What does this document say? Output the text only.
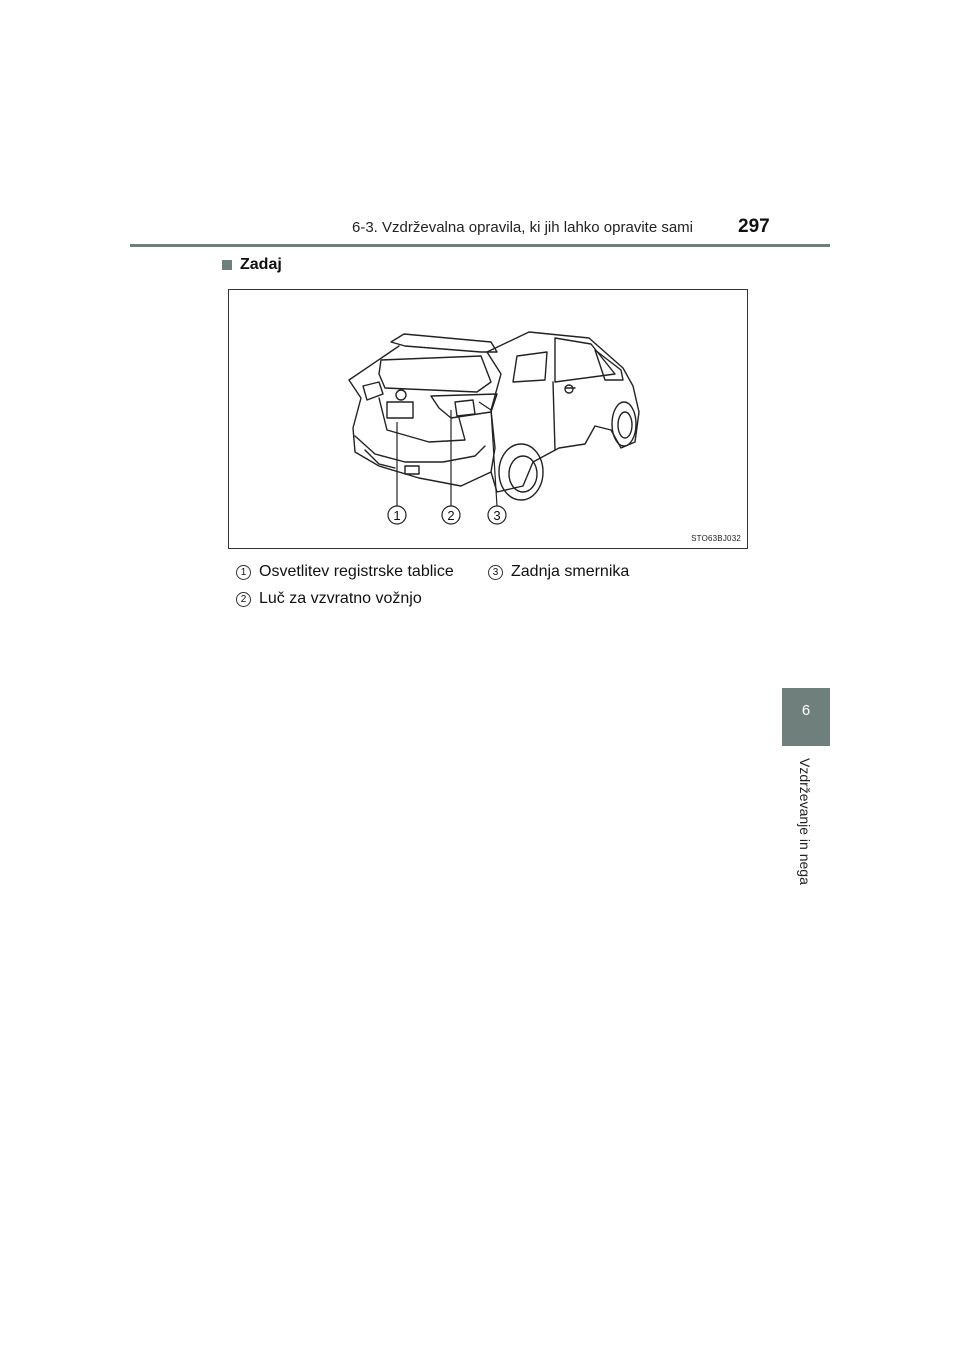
6-3. Vzdrževalna opravila, ki jih lahko opravite sami 297
6
Vzdrževanje in nega
Zadaj
1	2	3
STO63BJ032
1 Osvetlitev registrske tablice
2 Luč za vzvratno vožnjo
3 Zadnja smernika
